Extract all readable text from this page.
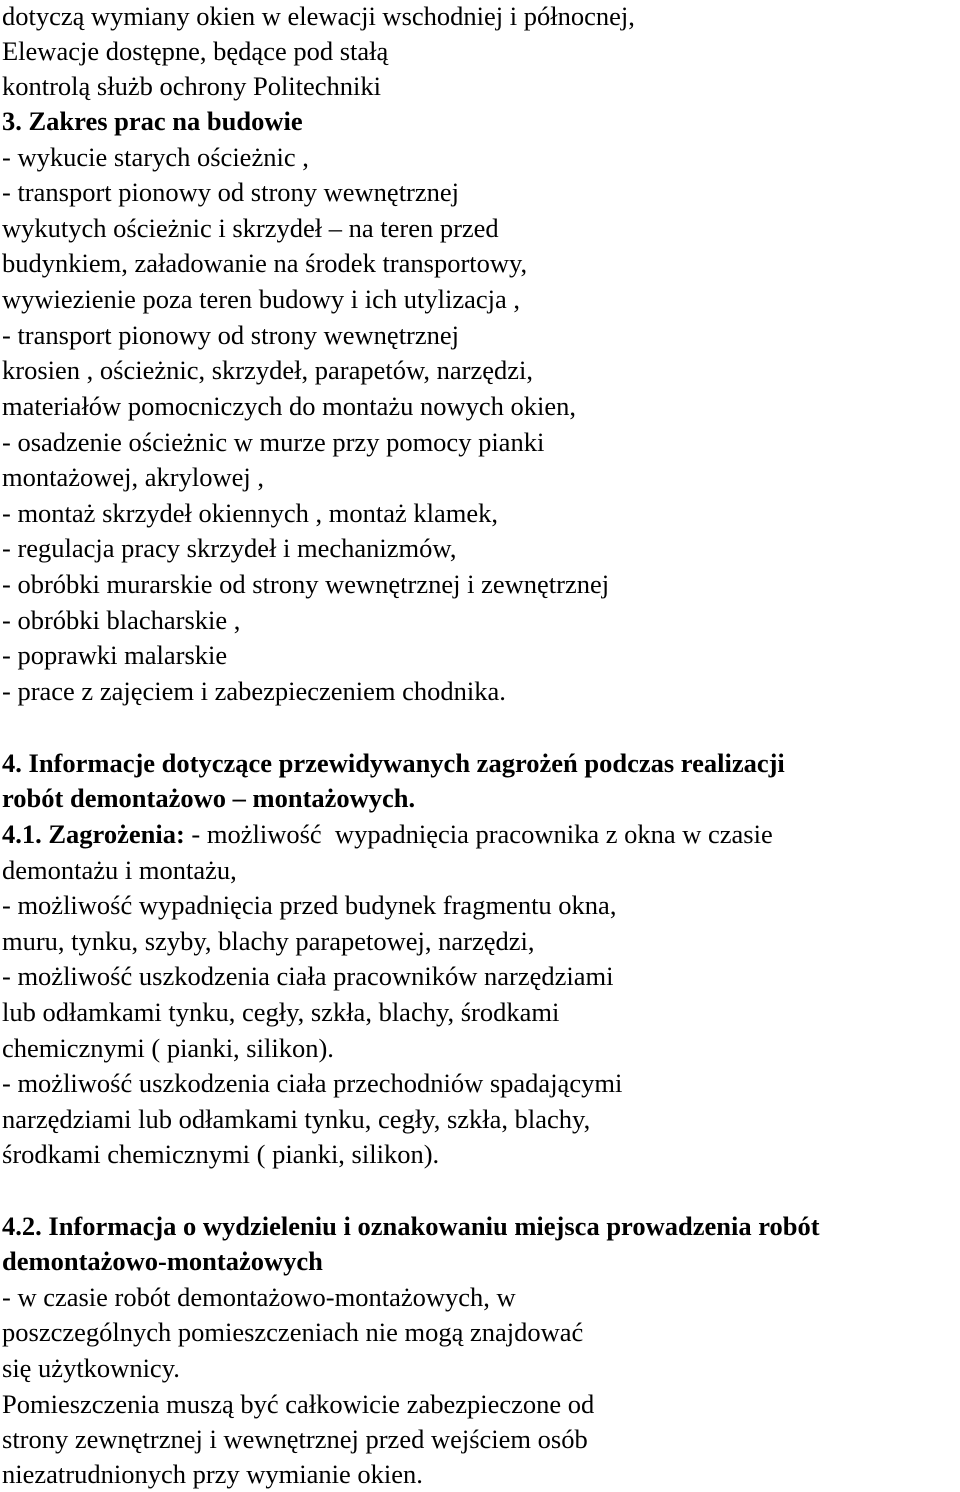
dotyczą wymiany okien w elewacji wschodniej i północnej,
Elewacje dostępne, będące pod stałą
kontrolą służb ochrony Politechniki
3. Zakres prac na budowie
- wykucie starych ościeżnic ,
- transport pionowy od strony wewnętrznej
wykutych ościeżnic i skrzydeł – na teren przed
budynkiem, załadowanie na środek transportowy,
wywiezienie poza teren budowy i ich utylizacja ,
- transport pionowy od strony wewnętrznej
krosien , ościeżnic, skrzydeł, parapetów, narzędzi,
materiałów pomocniczych do montażu nowych okien,
- osadzenie ościeżnic w murze przy pomocy pianki
montażowej, akrylowej ,
- montaż skrzydeł okiennych , montaż klamek,
- regulacja pracy skrzydeł i mechanizmów,
- obróbki murarskie od strony wewnętrznej i zewnętrznej
- obróbki blacharskie ,
- poprawki malarskie
- prace z zajęciem i zabezpieczeniem chodnika.
4. Informacje dotyczące przewidywanych zagrożeń podczas realizacji
robót demontażowo – montażowych.
4.1. Zagrożenia: - możliwość  wypadnięcia pracownika z okna w czasie
demontażu i montażu,
- możliwość wypadnięcia przed budynek fragmentu okna,
muru, tynku, szyby, blachy parapetowej, narzędzi,
- możliwość uszkodzenia ciała pracowników narzędziami
lub odłamkami tynku, cegły, szkła, blachy, środkami
chemicznymi ( pianki, silikon).
- możliwość uszkodzenia ciała przechodniów spadającymi
narzędziami lub odłamkami tynku, cegły, szkła, blachy,
środkami chemicznymi ( pianki, silikon).
4.2. Informacja o wydzieleniu i oznakowaniu miejsca prowadzenia robót
demontażowo-montażowych
- w czasie robót demontażowo-montażowych, w
poszczególnych pomieszczeniach nie mogą znajdować
się użytkownicy.
Pomieszczenia muszą być całkowicie zabezpieczone od
strony zewnętrznej i wewnętrznej przed wejściem osób
niezatrudnionych przy wymianie okien.
